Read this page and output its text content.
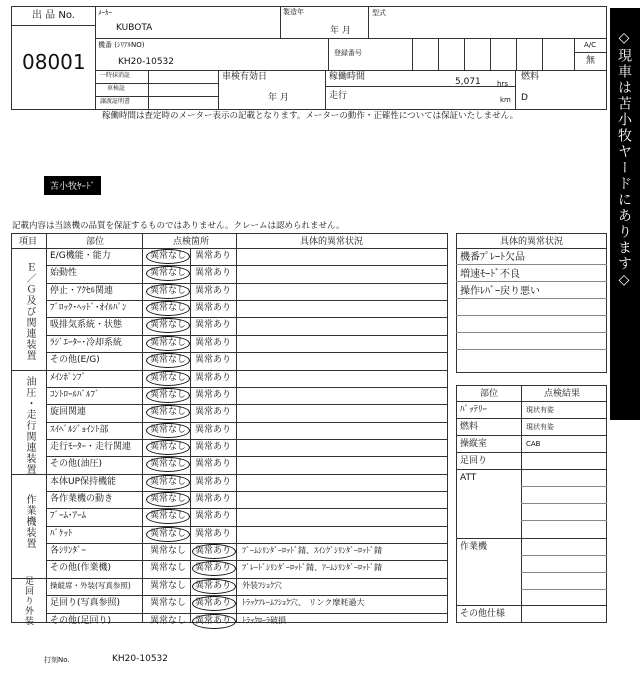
出 品 No.
08001
ﾒｰｶｰ
KUBOTA
製造年
年 月
型式
機番 (ｼﾘｱﾙNO)
KH20-10532
登録番号
A/C
無
一時抹消証
車検証
譲渡証明書
車検有効日
年 月
稼働時間	5,071 hrs
走行	km
燃料
D
稼働時間は査定時のメーター表示の記載となります。メーターの動作・正確性については保証いたしません。
苫小牧ﾔｰﾄﾞ	◇現車は苫小牧ヤードにあります◇
記載内容は当該機の品質を保証するものではありません。クレームは認められません。
項目	部位	点検箇所	具体的異常状況
Ｅ／Ｇ及び関連装置
油圧・走行関連装置
作業機装置
足回り外装
E/G機能・能力	異常なし 異常あり
始動性	異常なし 異常あり
停止・ｱｸｾﾙ関連	異常なし 異常あり
ﾌﾞﾛｯｸ･ﾍｯﾄﾞ･ｵｲﾙﾊﾟﾝ	異常なし 異常あり
吸排気系統・状態	異常なし 異常あり
ﾗｼﾞｴｰﾀｰ･冷却系統	異常なし 異常あり
その他(E/G)	異常なし 異常あり
ﾒｲﾝﾎﾟﾝﾌﾟ	異常なし 異常あり
ｺﾝﾄﾛｰﾙﾊﾞﾙﾌﾞ	異常なし 異常あり
旋回関連	異常なし 異常あり
ｽｲﾍﾞﾙｼﾞｮｲﾝﾄ部	異常なし 異常あり
走行ﾓｰﾀｰ・走行関連 異常なし 異常あり
その他(油圧)	異常なし 異常あり
本体UP保持機能	異常なし 異常あり
各作業機の動き	異常なし 異常あり
ﾌﾞｰﾑ･ｱｰﾑ	異常なし 異常あり
ﾊﾞｹｯﾄ	異常なし 異常あり
各ｼﾘﾝﾀﾞｰ	異常なし 異常あり ﾌﾞｰﾑｼﾘﾝﾀﾞｰﾛｯﾄﾞ錆、ｽｲﾝｸﾞｼﾘﾝﾀﾞｰﾛｯﾄﾞ錆
その他(作業機)	異常なし 異常あり ﾌﾞﾚｰﾄﾞｼﾘﾝﾀﾞｰﾛｯﾄﾞ錆、ｱｰﾑｼﾘﾝﾀﾞｰﾛｯﾄﾞ錆
操縦席・外装(写真参照) 異常なし 異常あり 外装ﾌｼｮｸ穴
足回り(写真参照)	異常なし 異常あり ﾄﾗｯｸﾌﾚｰﾑﾌｼｮｸ穴、 リンク摩耗過大
その他(足回り)	異常なし 異常あり ﾄﾗｯｸﾛｰﾗ破損
具体的異常状況
機番ﾌﾟﾚｰﾄ欠品
増速ﾓｰﾄﾞ不良
操作ﾚﾊﾞｰ戻り悪い
部位	点検結果
ﾊﾞｯﾃﾘｰ	現状有姿
燃料	現状有姿
操縦室	CAB
足回り
ATT
作業機
その他仕様
打刻No.	KH20-10532
